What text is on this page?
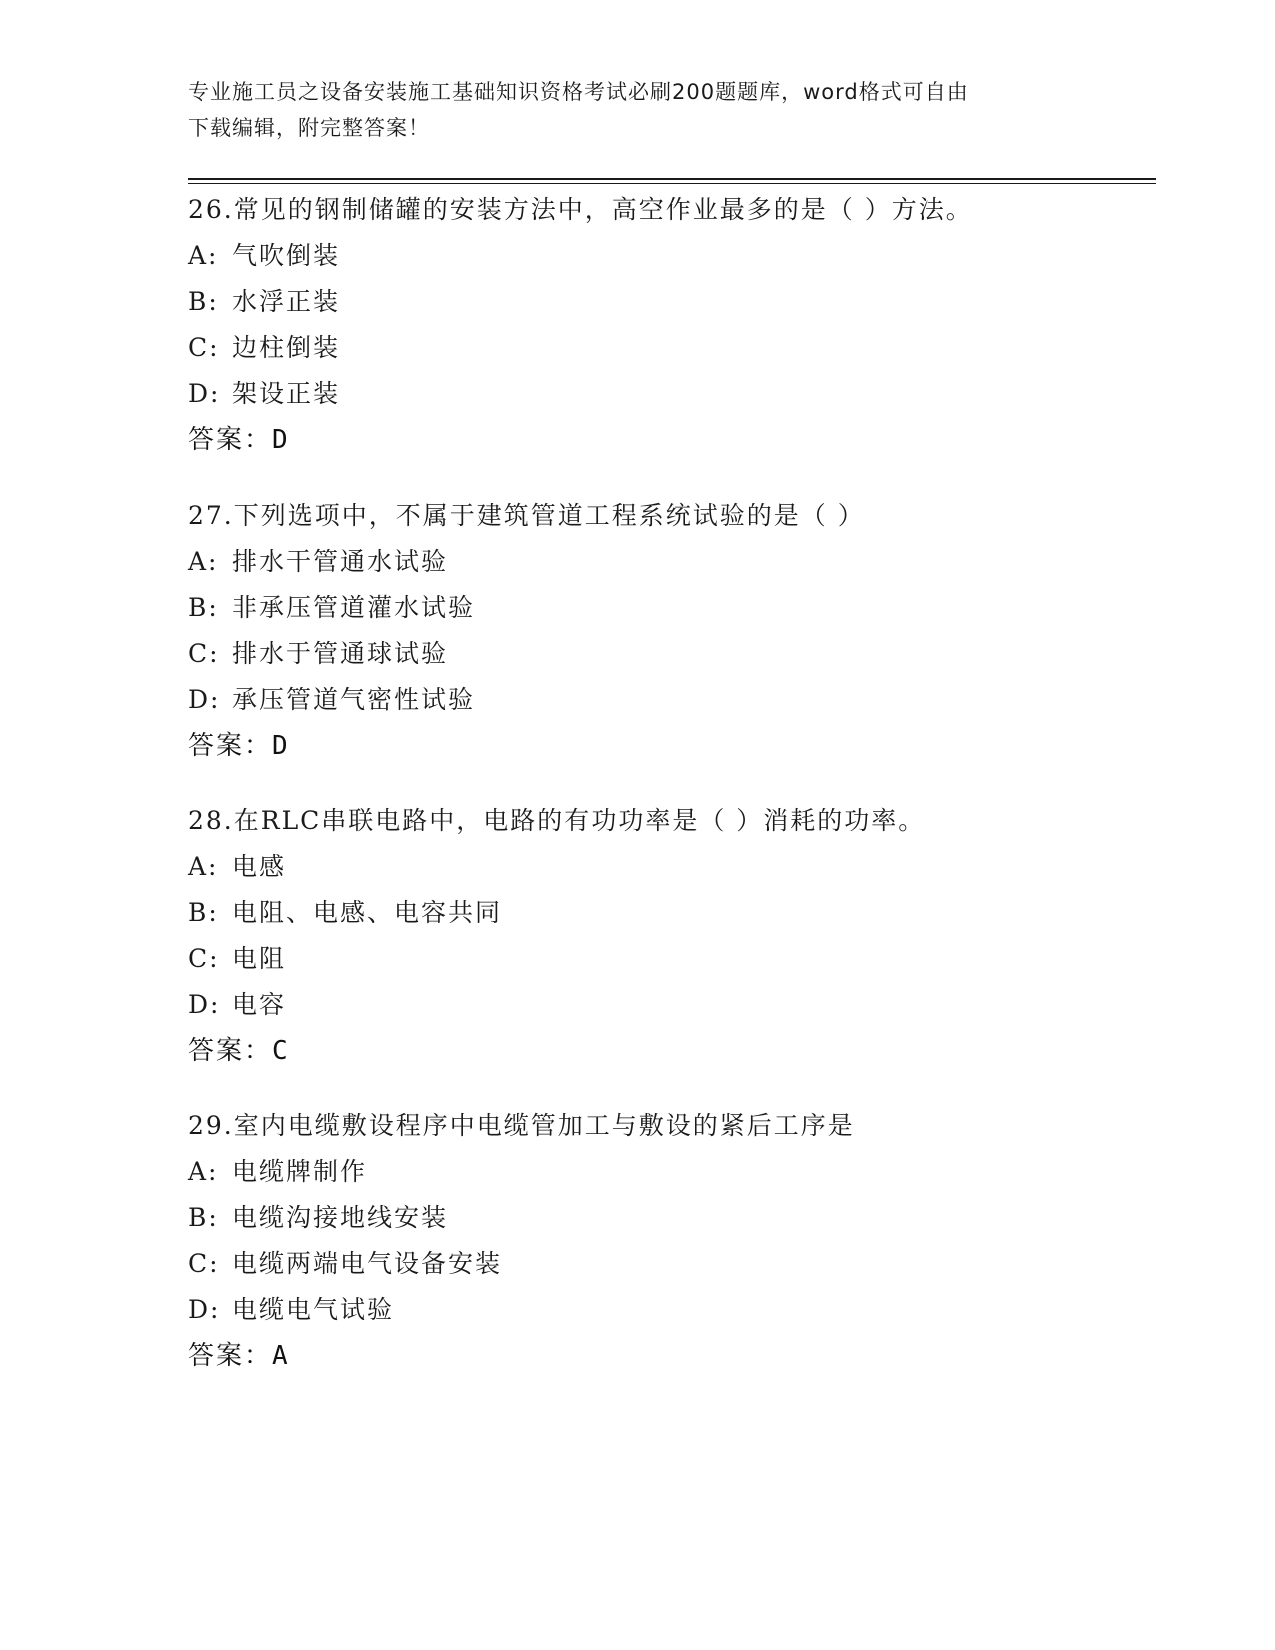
专业施工员之设备安装施工基础知识资格考试必刷200题题库，word格式可自由
下载编辑，附完整答案！
26.常见的钢制储罐的安装方法中，高空作业最多的是（ ）方法。
A: 气吹倒装
B: 水浮正装
C: 边柱倒装
D: 架设正装
答案：D
27.下列选项中，不属于建筑管道工程系统试验的是（ ）
A: 排水干管通水试验
B: 非承压管道灌水试验
C: 排水于管通球试验
D: 承压管道气密性试验
答案：D
28.在RLC串联电路中，电路的有功功率是（ ）消耗的功率。
A: 电感
B: 电阻、电感、电容共同
C: 电阻
D: 电容
答案：C
29.室内电缆敷设程序中电缆管加工与敷设的紧后工序是
A: 电缆牌制作
B: 电缆沟接地线安装
C: 电缆两端电气设备安装
D: 电缆电气试验
答案：A
